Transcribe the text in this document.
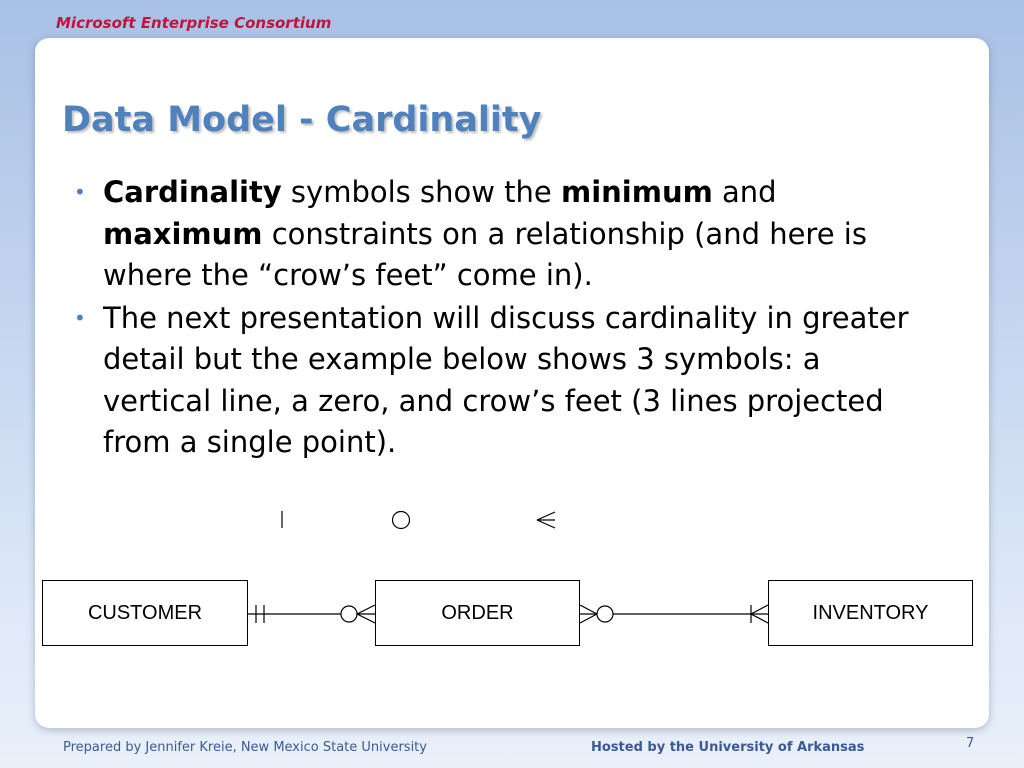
Microsoft Enterprise Consortium
Data Model - Cardinality
• Cardinality symbols show the minimum and maximum constraints on a relationship (and here is where the “crow’s feet” come in).
• The next presentation will discuss cardinality in greater detail but the example below shows 3 symbols: a vertical line, a zero, and crow’s feet (3 lines projected from a single point).
CUSTOMER	ORDER	INVENTORY
Prepared by Jennifer Kreie, New Mexico State University	Hosted by the University of Arkansas	7
